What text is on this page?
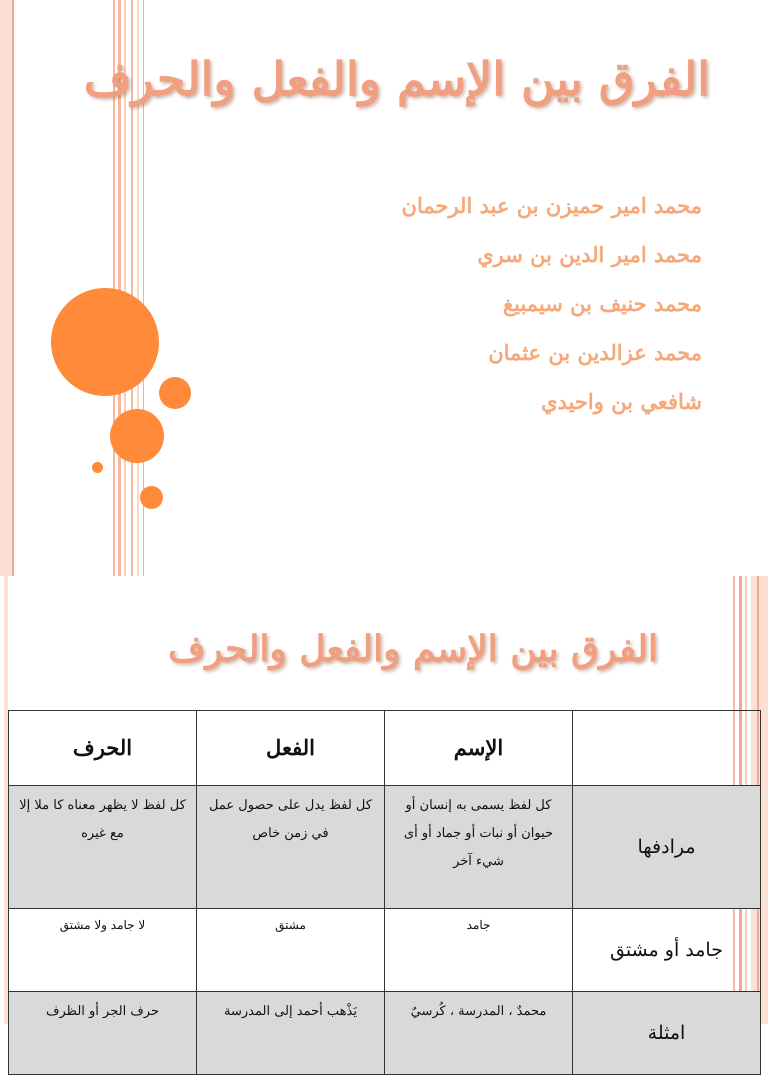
الفرق بين الإسم والفعل والحرف
محمد امير حميزن بن عبد الرحمان
محمد امير الدين بن سري
محمد حنيف بن سيمبيغ
محمد عزالدين بن عثمان
شافعي بن واحيدي
الفرق بين الإسم والفعل والحرف
	الإسم	الفعل	الحرف
مرادفها	كل لفظ يسمى به إنسان أو حيوان أو نبات أو جماد أو أى شيء آخر	كل لفظ يدل على حصول عمل في زمن خاص	كل لفظ لا يظهر معناه كا ملا إلا مع غيره
جامد أو مشتق	جامد	مشتق	لا جامد ولا مشتق
امثلة	محمدٌ ، المدرسة ، كُرسيٌ	يَذْهب أحمد إلى المدرسة	حرف الجر أو الظرف
